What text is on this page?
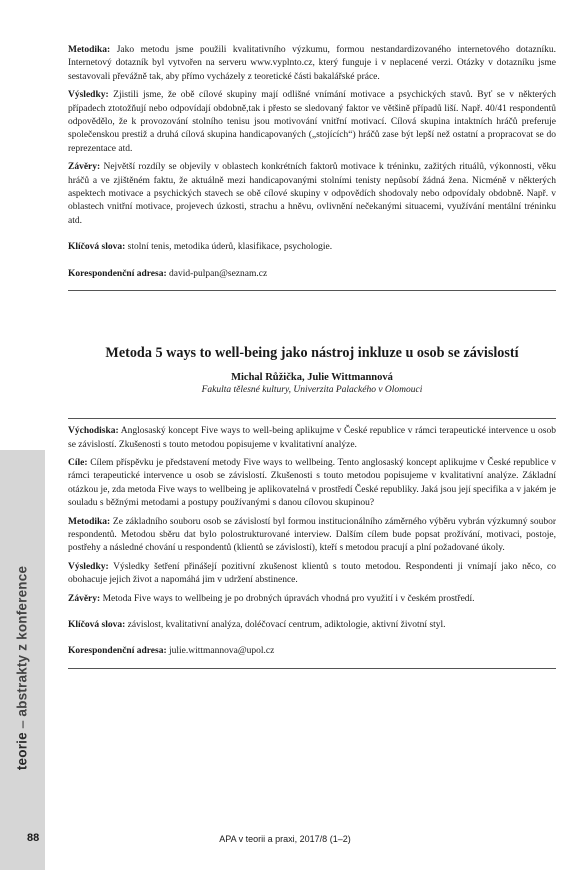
teorie – abstrakty z konference

Metodika: Jako metodu jsme použili kvalitativního výzkumu, formou nestandardizovaného internetového dotazníku. Internetový dotazník byl vytvořen na serveru www.vyplnto.cz, který funguje i v neplacené verzi. Otázky v dotazníku jsme sestavovali převážně tak, aby přímo vycházely z teoretické části bakalářské práce.

Výsledky: Zjistili jsme, že obě cílové skupiny mají odlišné vnímání motivace a psychických stavů. Byť se v některých případech ztotožňují nebo odpovídají obdobně,tak i přesto se sledovaný faktor ve většině případů liší. Např. 40/41 respondentů odpovědělo, že k provozování stolního tenisu jsou motivování vnitřní motivací. Cílová skupina intaktních hráčů preferuje společenskou prestiž a druhá cílová skupina handicapovaných („stojících“) hráčů zase být lepší než ostatní a propracovat se do reprezentace atd.

Závěry: Největší rozdíly se objevily v oblastech konkrétních faktorů motivace k tréninku, zažitých rituálů, výkonnosti, věku hráčů a ve zjištěném faktu, že aktuálně mezi handicapovanými stolními tenisty nepůsobí žádná žena. Nicméně v některých aspektech motivace a psychických stavech se obě cílové skupiny v odpovědích shodovaly nebo odpovídaly obdobně. Např. v oblastech vnitřní motivace, projevech úzkosti, strachu a hněvu, ovlivnění nečekanými situacemi, využívání mentální tréninku atd.

Klíčová slova: stolní tenis, metodika úderů, klasifikace, psychologie.

Korespondenční adresa: david-pulpan@seznam.cz

Metoda 5 ways to well-being jako nástroj inkluze u osob se závislostí
Michal Růžička, Julie Wittmannová
Fakulta tělesné kultury, Univerzita Palackého v Olomouci

Východiska: Anglosaský koncept Five ways to well-being aplikujme v České republice v rámci terapeutické intervence u osob se závislostí. Zkušenosti s touto metodou popisujeme v kvalitativní analýze.

Cíle: Cílem příspěvku je představení metody Five ways to wellbeing. Tento anglosaský koncept aplikujme v České republice v rámci terapeutické intervence u osob se závislostí. Zkušenosti s touto metodou popisujeme v kvalitativní analýze. Základní otázkou je, zda metoda Five ways to wellbeing je aplikovatelná v prostředí České republiky. Jaká jsou její specifika a v jakém je souladu s běžnými metodami a postupy používanými s danou cílovou skupinou?

Metodika: Ze základního souboru osob se závislostí byl formou institucionálního záměrného výběru vybrán výzkumný soubor respondentů. Metodou sběru dat bylo polostrukturované interview. Dalším cílem bude popsat prožívání, motivaci, postoje, postřehy a následné chování u respondentů (klientů se závislostí), kteří s metodou pracují a plní požadované úkoly.

Výsledky: Výsledky šetření přinášejí pozitivní zkušenost klientů s touto metodou. Respondenti ji vnímají jako něco, co obohacuje jejich život a napomáhá jim v udržení abstinence.

Závěry: Metoda Five ways to wellbeing je po drobných úpravách vhodná pro využití i v českém prostředí.

Klíčová slova: závislost, kvalitativní analýza, doléčovací centrum, adiktologie, aktivní životní styl.

Korespondenční adresa: julie.wittmannova@upol.cz

88	APA v teorii a praxi, 2017/8 (1–2)
